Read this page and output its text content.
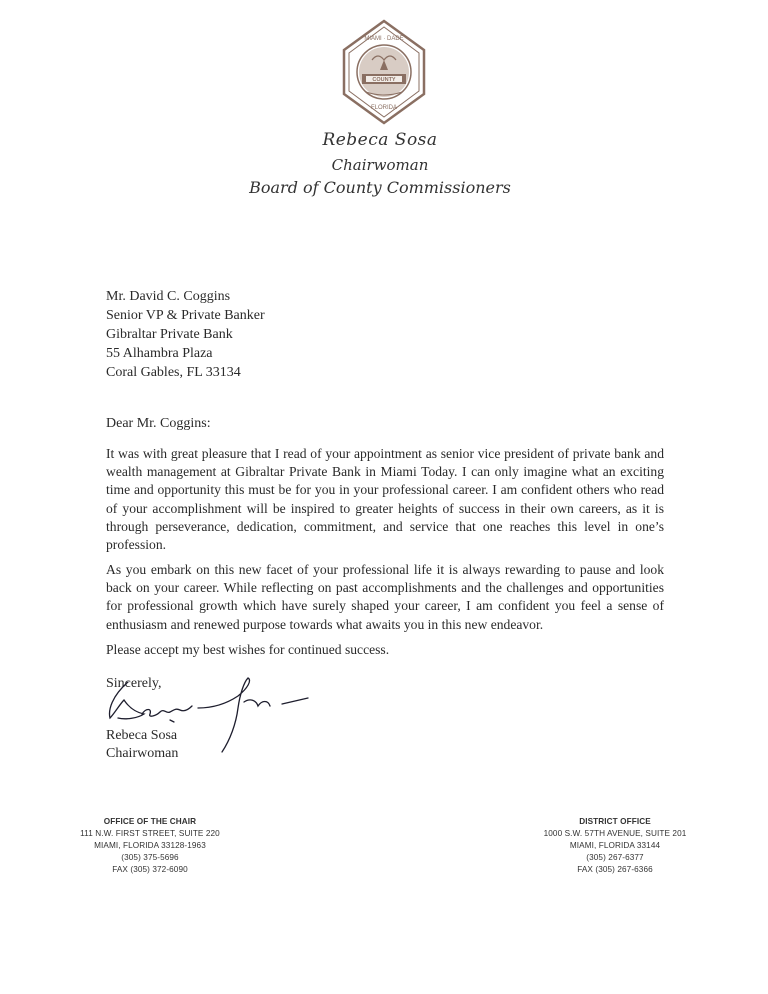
COUNTY
MIAMI · DADE
FLORIDA
Rebeca Sosa
Chairwoman
Board of County Commissioners
Mr. David C. Coggins
Senior VP & Private Banker
Gibraltar Private Bank
55 Alhambra Plaza
Coral Gables, FL 33134
Dear Mr. Coggins:

It was with great pleasure that I read of your appointment as senior vice president of private bank and wealth management at Gibraltar Private Bank in Miami Today. I can only imagine what an exciting time and opportunity this must be for you in your professional career. I am confident others who read of your accomplishment will be inspired to greater heights of success in their own careers, as it is through perseverance, dedication, commitment, and service that one reaches this level in one’s profession.

As you embark on this new facet of your professional life it is always rewarding to pause and look back on your career. While reflecting on past accomplishments and the challenges and opportunities for professional growth which have surely shaped your career, I am confident you feel a sense of enthusiasm and renewed purpose towards what awaits you in this new endeavor.

Please accept my best wishes for continued success.

Sincerely,
Rebeca Sosa
Chairwoman
OFFICE OF THE CHAIR
111 N.W. FIRST STREET, SUITE 220
MIAMI, FLORIDA 33128-1963
(305) 375-5696
FAX (305) 372-6090
DISTRICT OFFICE
1000 S.W. 57TH AVENUE, SUITE 201
MIAMI, FLORIDA 33144
(305) 267-6377
FAX (305) 267-6366
